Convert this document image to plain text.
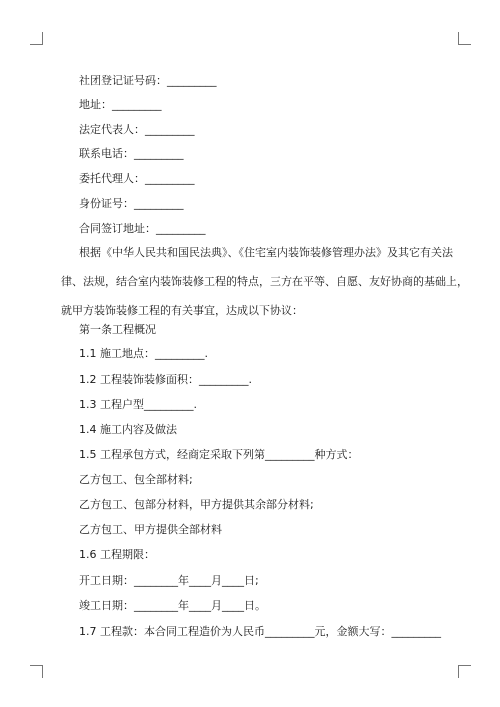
社团登记证号码：_________
地址：_________
法定代表人：_________
联系电话：_________
委托代理人：_________
身份证号：_________
合同签订地址：_________
根据《中华人民共和国民法典》、《住宅室内装饰装修管理办法》及其它有关法
律、法规，结合室内装饰装修工程的特点，三方在平等、自愿、友好协商的基础上，
就甲方装饰装修工程的有关事宜，达成以下协议：
第一条工程概况
1.1 施工地点：_________.
1.2 工程装饰装修面积：_________.
1.3 工程户型_________.
1.4 施工内容及做法
1.5 工程承包方式，经商定采取下列第_________种方式：
乙方包工、包全部材料;
乙方包工、包部分材料，甲方提供其余部分材料;
乙方包工、甲方提供全部材料
1.6 工程期限：
开工日期：________年____月____日;
竣工日期：________年____月____日。
1.7 工程款：本合同工程造价为人民币_________元，金额大写：_________
